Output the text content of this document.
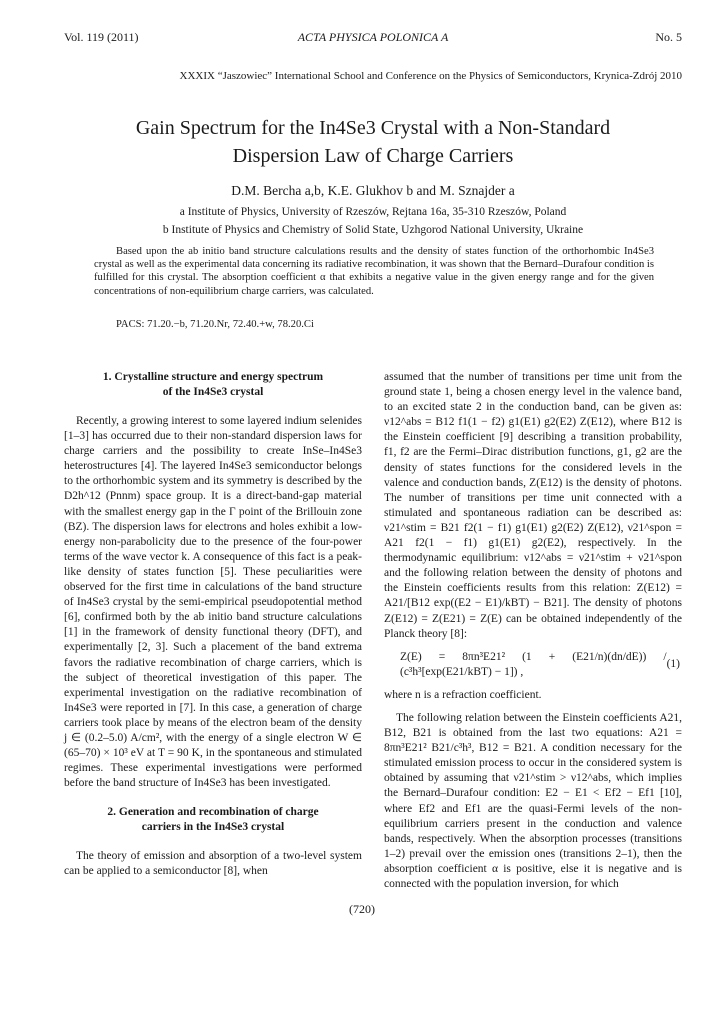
Vol. 119 (2011)	ACTA PHYSICA POLONICA A	No. 5
XXXIX “Jaszowiec” International School and Conference on the Physics of Semiconductors, Krynica-Zdrój 2010
Gain Spectrum for the In4Se3 Crystal with a Non-Standard
Dispersion Law of Charge Carriers
D.M. Bercha a,b, K.E. Glukhov b and M. Sznajder a
a Institute of Physics, University of Rzeszów, Rejtana 16a, 35-310 Rzeszów, Poland
b Institute of Physics and Chemistry of Solid State, Uzhgorod National University, Ukraine
Based upon the ab initio band structure calculations results and the density of states function of the orthorhombic In4Se3 crystal as well as the experimental data concerning its radiative recombination, it was shown that the Bernard–Durafour condition is fulfilled for this crystal. The absorption coefficient α that exhibits a negative value in the given energy range and for the given concentrations of non-equilibrium charge carriers, was calculated.
PACS: 71.20.−b, 71.20.Nr, 72.40.+w, 78.20.Ci
1. Crystalline structure and energy spectrum
of the In4Se3 crystal

Recently, a growing interest to some layered indium selenides [1–3] has occurred due to their non-standard dispersion laws for charge carriers and the possibility to create InSe–In4Se3 heterostructures [4]. The layered In4Se3 semiconductor belongs to the orthorhombic system and its symmetry is described by the D2h^12 (Pnnm) space group. It is a direct-band-gap material with the smallest energy gap in the Γ point of the Brillouin zone (BZ). The dispersion laws for electrons and holes exhibit a low-energy non-parabolicity due to the presence of the four-power terms of the wave vector k. A consequence of this fact is a peak-like density of states function [5]. These peculiarities were observed for the first time in calculations of the band structure of In4Se3 crystal by the semi-empirical pseudopotential method [6], confirmed both by the ab initio band structure calculations [1] in the framework of density functional theory (DFT), and experimentally [2, 3]. Such a placement of the band extrema favors the radiative recombination of charge carriers, which is the subject of theoretical investigation of this paper. The experimental investigation on the radiative recombination of In4Se3 were reported in [7]. In this case, a generation of charge carriers took place by means of the electron beam of the density j ∈ (0.2–5.0) A/cm², with the energy of a single electron W ∈ (65–70) × 10³ eV at T = 90 K, in the spontaneous and stimulated regimes. These experimental investigations were performed before the band structure of In4Se3 has been investigated.

2. Generation and recombination of charge
carriers in the In4Se3 crystal

The theory of emission and absorption of a two-level system can be applied to a semiconductor [8], when

assumed that the number of transitions per time unit from the ground state 1, being a chosen energy level in the valence band, to an excited state 2 in the conduction band, can be given as: ν12^abs = B12 f1(1 − f2) g1(E1) g2(E2) Z(E12), where B12 is the Einstein coefficient [9] describing a transition probability, f1, f2 are the Fermi–Dirac distribution functions, g1, g2 are the density of states functions for the considered levels in the valence and conduction bands, Z(E12) is the density of photons. The number of transitions per time unit connected with a stimulated and spontaneous radiation can be described as: ν21^stim = B21 f2(1 − f1) g1(E1) g2(E2) Z(E12), ν21^spon = A21 f2(1 − f1) g1(E1) g2(E2), respectively. In the thermodynamic equilibrium: ν12^abs = ν21^stim + ν21^spon and the following relation between the density of photons and the Einstein coefficients results from this relation: Z(E12) = A21/[B12 exp((E2 − E1)/kBT) − B21]. The density of photons Z(E12) = Z(E21) = Z(E) can be obtained independently of the Planck theory [8]:

Z(E) = 8πn³E21² (1 + (E21/n)(dn/dE)) / (c³h³[exp(E21/kBT) − 1]) ,
(1)

where n is a refraction coefficient.

The following relation between the Einstein coefficients A21, B12, B21 is obtained from the last two equations: A21 = 8πn³E21² B21/c³h³, B12 = B21. A condition necessary for the stimulated emission process to occur in the considered system is obtained by assuming that ν21^stim > ν12^abs, which implies the Bernard–Durafour condition: E2 − E1 < Ef2 − Ef1 [10], where Ef2 and Ef1 are the quasi-Fermi levels of the non-equilibrium carriers present in the conduction and valence bands, respectively. When the absorption processes (transitions 1–2) prevail over the emission ones (transitions 2–1), then the absorption coefficient α is positive, else it is negative and is connected with the population inversion, for which

(720)
